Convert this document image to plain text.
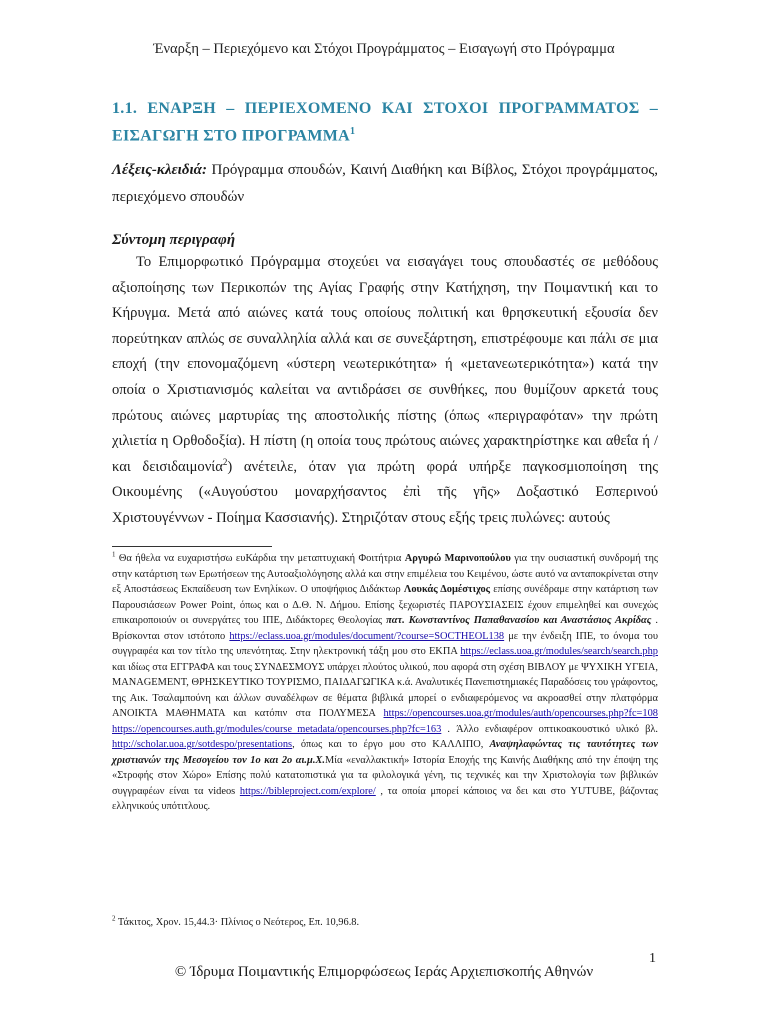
Έναρξη – Περιεχόμενο και Στόχοι Προγράμματος – Εισαγωγή στο Πρόγραμμα
1.1. ΕΝΑΡΞΗ – ΠΕΡΙΕΧΟΜΕΝΟ ΚΑΙ ΣΤΟΧΟΙ ΠΡΟΓΡΑΜΜΑΤΟΣ – ΕΙΣΑΓΩΓΗ ΣΤΟ ΠΡΟΓΡΑΜΜΑ$^1$
Λέξεις-κλειδιά: Πρόγραμμα σπουδών, Καινή Διαθήκη και Βίβλος, Στόχοι προγράμματος, περιεχόμενο σπουδών
Σύντομη περιγραφή

Το Επιμορφωτικό Πρόγραμμα στοχεύει να εισαγάγει τους σπουδαστές σε μεθόδους αξιοποίησης των Περικοπών της Αγίας Γραφής στην Κατήχηση, την Ποιμαντική και το Κήρυγμα. Μετά από αιώνες κατά τους οποίους πολιτική και θρησκευτική εξουσία δεν πορεύτηκαν απλώς σε συναλληλία αλλά και σε συνεξάρτηση, επιστρέφουμε και πάλι σε μια εποχή (την επονομαζόμενη «ύστερη νεωτερικότητα» ή «μετανεωτερικότητα») κατά την οποία ο Χριστιανισμός καλείται να αντιδράσει σε συνθήκες, που θυμίζουν αρκετά τους πρώτους αιώνες μαρτυρίας της αποστολικής πίστης (όπως «περιγραφόταν» την πρώτη χιλιετία η Ορθοδοξία). Η πίστη (η οποία τους πρώτους αιώνες χαρακτηρίστηκε και αθεΐα ή / και δεισιδαιμονία$^2$) ανέτειλε, όταν για πρώτη φορά υπήρξε παγκοσμιοποίηση της Οικουμένης («Αυγούστου μοναρχήσαντος ἐπὶ τῆς γῆς» Δοξαστικό Εσπερινού Χριστουγέννων - Ποίημα Κασσιανής). Στηριζόταν στους εξής τρεις πυλώνες: αυτούς

$^1$ Θα ήθελα να ευχαριστήσω ευΚάρδια την μεταπτυχιακή Φοιτήτρια Αργυρώ Μαρινοπούλου για την ουσιαστική συνδρομή της στην κατάρτιση των Ερωτήσεων της Αυτοαξιολόγησης αλλά και στην επιμέλεια του Κειμένου, ώστε αυτό να ανταποκρίνεται στην εξ Αποστάσεως Εκπαίδευση των Ενηλίκων. Ο υποψήφιος Διδάκτωρ Λουκάς Δομέστιχος επίσης συνέδραμε στην κατάρτιση των Παρουσιάσεων Power Point, όπως και ο Δ.Θ. Ν. Δήμου. Επίσης ξεχωριστές ΠΑΡΟΥΣΙΑΣΕΙΣ έχουν επιμεληθεί και συνεχώς επικαιροποιούν οι συνεργάτες του ΙΠΕ, Διδάκτορες Θεολογίας πατ. Κωνσταντίνος Παπαθανασίου και Αναστάσιος Ακρίδας . Βρίσκονται στον ιστότοπο https://eclass.uoa.gr/modules/document/?course=SOCTHEOL138 με την ένδειξη ΙΠΕ, το όνομα του συγγραφέα και τον τίτλο της υπενότητας. Στην ηλεκτρονική τάξη μου στο ΕΚΠΑ https://eclass.uoa.gr/modules/search/search.php και ιδίως στα ΕΓΓΡΑΦΑ και τους ΣΥΝΔΕΣΜΟΥΣ υπάρχει πλούτος υλικού, που αφορά στη σχέση ΒΙΒΛΟΥ με ΨΥΧΙΚΗ ΥΓΕΙΑ, MANAGEMENT, ΘΡΗΣΚΕΥΤΙΚΟ ΤΟΥΡΙΣΜΟ, ΠΑΙΔΑΓΩΓΙΚΑ κ.ά. Αναλυτικές Πανεπιστημιακές Παραδόσεις του γράφοντος, της Αικ. Τσαλαμπούνη και άλλων συναδέλφων σε θέματα βιβλικά μπορεί ο ενδιαφερόμενος να ακροασθεί στην πλατφόρμα ΑΝΟΙΚΤΑ ΜΑΘΗΜΑΤΑ και κατόπιν στα ΠΟΛΥΜΕΣΑ https://opencourses.uoa.gr/modules/auth/opencourses.php?fc=108 https://opencourses.auth.gr/modules/course_metadata/opencourses.php?fc=163 . Άλλο ενδιαφέρον οπτικοακουστικό υλικό βλ. http://scholar.uoa.gr/sotdespo/presentations, όπως και το έργο μου στο ΚΑΛΛΙΠΟ, Αναψηλαφώντας τις ταυτότητες των χριστιανών της Μεσογείου τον 1ο και 2ο αι.μ.Χ.Μία «εναλλακτική» Ιστορία Εποχής της Καινής Διαθήκης από την έποψη της «Στροφής στον Χώρο» Επίσης πολύ κατατοπιστικά για τα φιλολογικά γένη, τις τεχνικές και την Χριστολογία των βιβλικών συγγραφέων είναι τα videos https://bibleproject.com/explore/ , τα οποία μπορεί κάποιος να δει και στο YUTUBE, βάζοντας ελληνικούς υπότιτλους.

$^2$ Τάκιτος, Χρον. 15,44.3· Πλίνιος ο Νεότερος, Επ. 10,96.8.

1
© Ίδρυμα Ποιμαντικής Επιμορφώσεως Ιεράς Αρχιεπισκοπής Αθηνών
